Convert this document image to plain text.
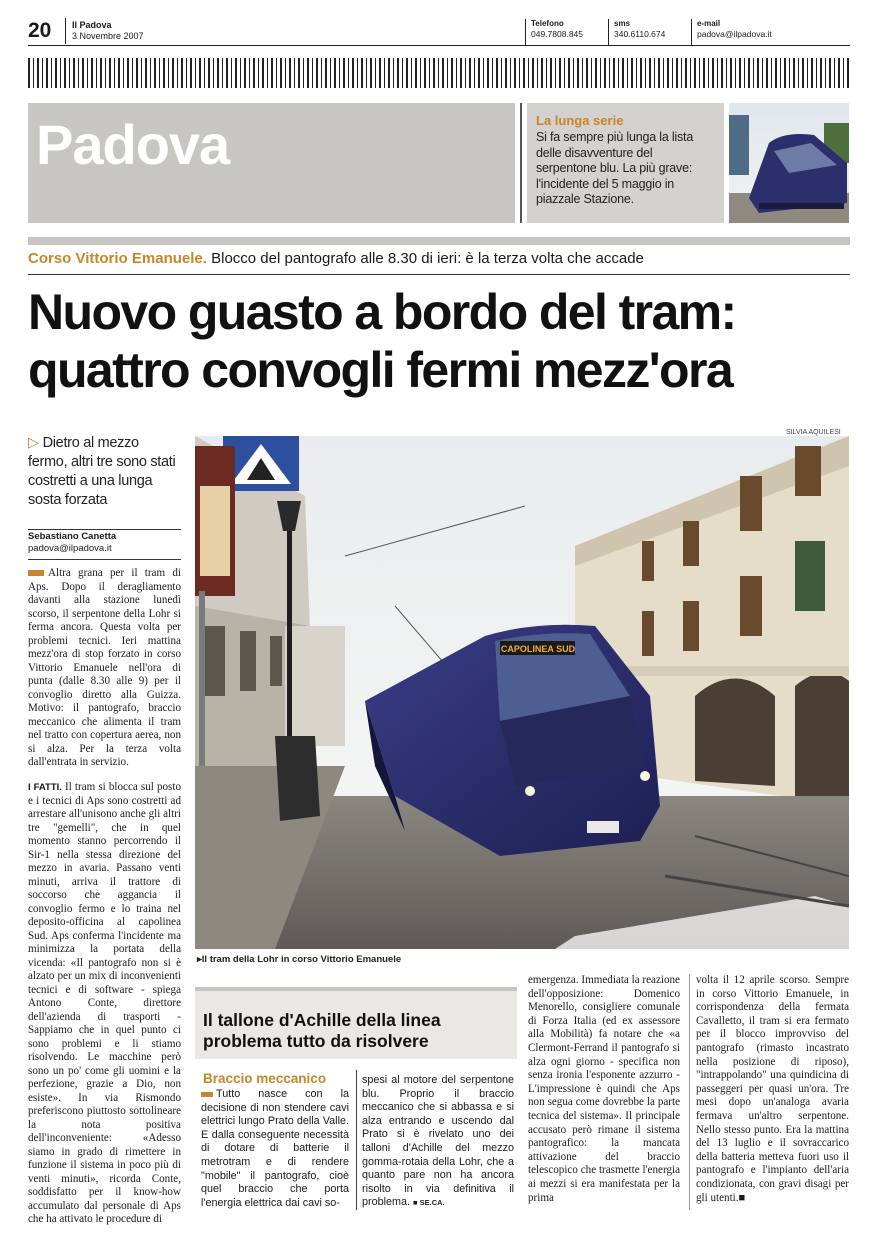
20	Il Padova
3 Novembre 2007
Telefono
049.7808.845
sms
340.6110.674
e-mail
padova@ilpadova.it
Padova	La lunga serie
Si fa sempre più lunga la lista delle disavventure del serpentone blu. La più grave: l'incidente del 5 maggio in piazzale Stazione.
Corso Vittorio Emanuele. Blocco del pantografo alle 8.30 di ieri: è la terza volta che accade
Nuovo guasto a bordo del tram:
quattro convogli fermi mezz'ora
SILVIA AQUILESI
▷ Dietro al mezzo fermo, altri tre sono stati costretti a una lunga sosta forzata
Sebastiano Canetta
padova@ilpadova.it
Altra grana per il tram di Aps. Dopo il deragliamento davanti alla stazione lunedì scorso, il serpentone della Lohr si ferma ancora. Questa volta per problemi tecnici. Ieri mattina mezz'ora di stop forzato in corso Vittorio Emanuele nell'ora di punta (dalle 8.30 alle 9) per il convoglio diretto alla Guizza. Motivo: il pantografo, braccio meccanico che alimenta il tram nel tratto con copertura aerea, non si alza. Per la terza volta dall'entrata in servizio.
I FATTI. Il tram si blocca sul posto e i tecnici di Aps sono costretti ad arrestare all'unisono anche gli altri tre "gemelli", che in quel momento stanno percorrendo il Sir-1 nella stessa direzione del mezzo in avaria. Passano venti minuti, arriva il trattore di soccorso che aggancia il convoglio fermo e lo traina nel deposito-officina al capolinea Sud. Aps conferma l'incidente ma minimizza la portata della vicenda: «Il pantografo non si è alzato per un mix di inconvenienti tecnici e di software - spiega Antono Conte, direttore dell'azienda di trasporti - Sappiamo che in quel punto ci sono problemi e li stiamo risolvendo. Le macchine però sono un po' come gli uomini e la perfezione, grazie a Dio, non esiste». In via Rismondo preferiscono piuttosto sottolineare la nota positiva dell'inconveniente: «Adesso siamo in grado di rimettere in funzione il sistema in poco più di venti minuti», ricorda Conte, soddisfatto per il know-how accumulato dal personale di Aps che ha attivato le procedure di
CAPOLINEA SUD
▸Il tram della Lohr in corso Vittorio Emanuele
Il tallone d'Achille della linea
problema tutto da risolvere
Braccio meccanico
Tutto nasce con la decisione di non stendere cavi elettrici lungo Prato della Valle. E dalla conseguente necessità di dotare di batterie il metrotram e di rendere "mobile" il pantografo, cioè quel braccio che porta l'energia elettrica dai cavi so-
spesi al motore del serpentone blu. Proprio il braccio meccanico che si abbassa e si alza entrando e uscendo dal Prato si è rivelato uno dei talloni d'Achille del mezzo gomma-rotaia della Lohr, che a quanto pare non ha ancora risolto in via definitiva il problema. ■ SE.CA.
emergenza. Immediata la reazione dell'opposizione: Domenico Menorello, consigliere comunale di Forza Italia (ed ex assessore alla Mobilità) fa notare che «a Clermont-Ferrand il pantografo si alza ogni giorno - specifica non senza ironia l'esponente azzurro - L'impressione è quindi che Aps non segua come dovrebbe la parte tecnica del sistema». Il principale accusato però rimane il sistema pantografico: la mancata attivazione del braccio telescopico che trasmette l'energia ai mezzi si era manifestata per la prima
volta il 12 aprile scorso. Sempre in corso Vittorio Emanuele, in corrispondenza della fermata Cavalletto, il tram si era fermato per il blocco improvviso del pantografo (rimasto incastrato nella posizione di riposo), "intrappolando" una quindicina di passeggeri per quasi un'ora. Tre mesi dopo un'analoga avaria fermava un'altro serpentone. Nello stesso punto. Era la mattina del 13 luglio e il sovraccarico della batteria metteva fuori uso il pantografo e l'impianto dell'aria condizionata, con gravi disagi per gli utenti.■
